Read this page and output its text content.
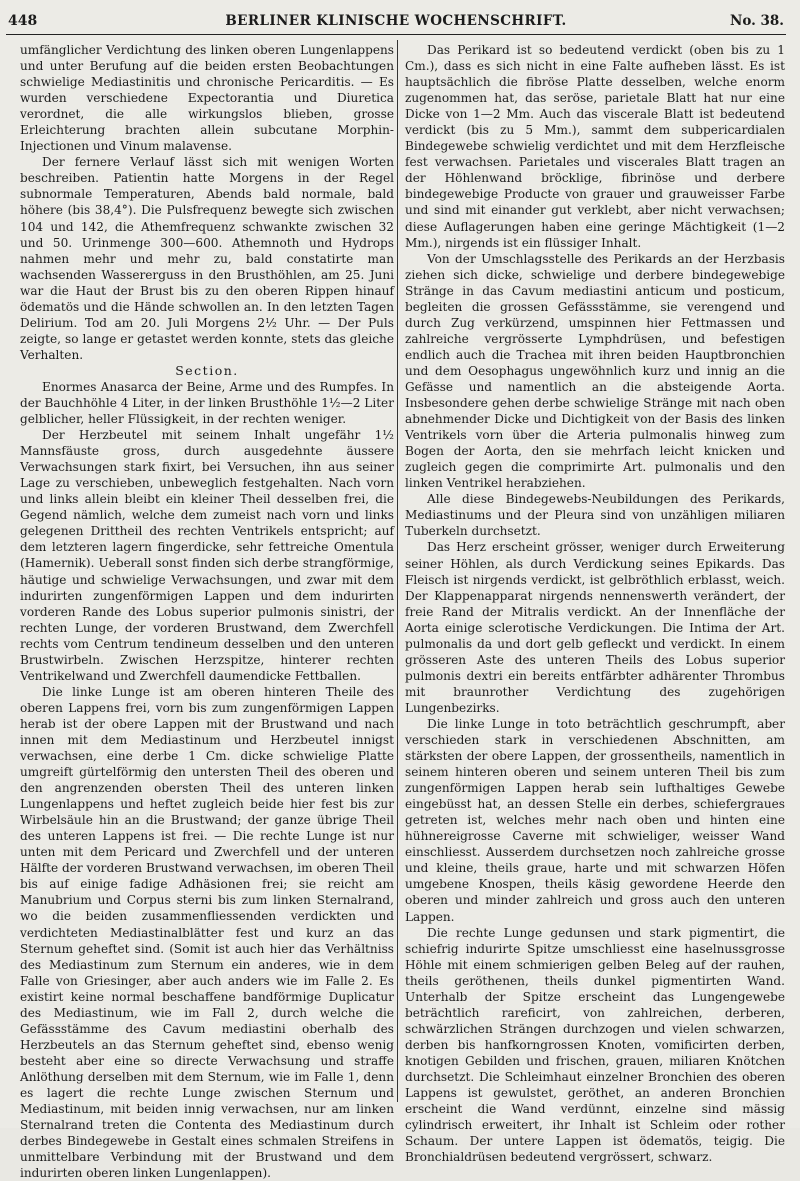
448	BERLINER KLINISCHE WOCHENSCHRIFT.	No. 38.

umfänglicher Verdichtung des linken oberen Lungenlappens und unter Berufung auf die beiden ersten Beobachtungen schwielige Mediastinitis und chronische Pericarditis. — Es wurden verschiedene Expectorantia und Diuretica verordnet, die alle wirkungslos blieben, grosse Erleichterung brachten allein subcutane Morphin-Injectionen und Vinum malavense.

Der fernere Verlauf lässt sich mit wenigen Worten beschreiben. Patientin hatte Morgens in der Regel subnormale Temperaturen, Abends bald normale, bald höhere (bis 38,4°). Die Pulsfrequenz bewegte sich zwischen 104 und 142, die Athemfrequenz schwankte zwischen 32 und 50. Urinmenge 300—600. Athemnoth und Hydrops nahmen mehr und mehr zu, bald constatirte man wachsenden Wassererguss in den Brusthöhlen, am 25. Juni war die Haut der Brust bis zu den oberen Rippen hinauf ödematös und die Hände schwollen an. In den letzten Tagen Delirium. Tod am 20. Juli Morgens 2½ Uhr. — Der Puls zeigte, so lange er getastet werden konnte, stets das gleiche Verhalten.

Section.

Enormes Anasarca der Beine, Arme und des Rumpfes. In der Bauchhöhle 4 Liter, in der linken Brusthöhle 1½—2 Liter gelblicher, heller Flüssigkeit, in der rechten weniger.

Der Herzbeutel mit seinem Inhalt ungefähr 1½ Mannsfäuste gross, durch ausgedehnte äussere Verwachsungen stark fixirt, bei Versuchen, ihn aus seiner Lage zu verschieben, unbeweglich festgehalten. Nach vorn und links allein bleibt ein kleiner Theil desselben frei, die Gegend nämlich, welche dem zumeist nach vorn und links gelegenen Drittheil des rechten Ventrikels entspricht; auf dem letzteren lagern fingerdicke, sehr fettreiche Omentula (Hamernik). Ueberall sonst finden sich derbe strangförmige, häutige und schwielige Verwachsungen, und zwar mit dem indurirten zungenförmigen Lappen und dem indurirten vorderen Rande des Lobus superior pulmonis sinistri, der rechten Lunge, der vorderen Brustwand, dem Zwerchfell rechts vom Centrum tendineum desselben und den unteren Brustwirbeln. Zwischen Herzspitze, hinterer rechten Ventrikelwand und Zwerchfell daumendicke Fettballen.

Die linke Lunge ist am oberen hinteren Theile des oberen Lappens frei, vorn bis zum zungenförmigen Lappen herab ist der obere Lappen mit der Brustwand und nach innen mit dem Mediastinum und Herzbeutel innigst verwachsen, eine derbe 1 Cm. dicke schwielige Platte umgreift gürtelförmig den untersten Theil des oberen und den angrenzenden obersten Theil des unteren linken Lungenlappens und heftet zugleich beide hier fest bis zur Wirbelsäule hin an die Brustwand; der ganze übrige Theil des unteren Lappens ist frei. — Die rechte Lunge ist nur unten mit dem Pericard und Zwerchfell und der unteren Hälfte der vorderen Brustwand verwachsen, im oberen Theil bis auf einige fadige Adhäsionen frei; sie reicht am Manubrium und Corpus sterni bis zum linken Sternalrand, wo die beiden zusammenfliessenden verdickten und verdichteten Mediastinalblätter fest und kurz an das Sternum geheftet sind. (Somit ist auch hier das Verhältniss des Mediastinum zum Sternum ein anderes, wie in dem Falle von Griesinger, aber auch anders wie im Falle 2. Es existirt keine normal beschaffene bandförmige Duplicatur des Mediastinum, wie im Fall 2, durch welche die Gefässstämme des Cavum mediastini oberhalb des Herzbeutels an das Sternum geheftet sind, ebenso wenig besteht aber eine so directe Verwachsung und straffe Anlöthung derselben mit dem Sternum, wie im Falle 1, denn es lagert die rechte Lunge zwischen Sternum und Mediastinum, mit beiden innig verwachsen, nur am linken Sternalrand treten die Contenta des Mediastinum durch derbes Bindegewebe in Gestalt eines schmalen Streifens in unmittelbare Verbindung mit der Brustwand und dem indurirten oberen linken Lungenlappen).

Das Perikard ist so bedeutend verdickt (oben bis zu 1 Cm.), dass es sich nicht in eine Falte aufheben lässt. Es ist hauptsächlich die fibröse Platte desselben, welche enorm zugenommen hat, das seröse, parietale Blatt hat nur eine Dicke von 1—2 Mm. Auch das viscerale Blatt ist bedeutend verdickt (bis zu 5 Mm.), sammt dem subpericardialen Bindegewebe schwielig verdichtet und mit dem Herzfleische fest verwachsen. Parietales und viscerales Blatt tragen an der Höhlenwand bröcklige, fibrinöse und derbere bindegewebige Producte von grauer und grauweisser Farbe und sind mit einander gut verklebt, aber nicht verwachsen; diese Auflagerungen haben eine geringe Mächtigkeit (1—2 Mm.), nirgends ist ein flüssiger Inhalt.

Von der Umschlagsstelle des Perikards an der Herzbasis ziehen sich dicke, schwielige und derbere bindegewebige Stränge in das Cavum mediastini anticum und posticum, begleiten die grossen Gefässstämme, sie verengend und durch Zug verkürzend, umspinnen hier Fettmassen und zahlreiche vergrösserte Lymphdrüsen, und befestigen endlich auch die Trachea mit ihren beiden Hauptbronchien und dem Oesophagus ungewöhnlich kurz und innig an die Gefässe und namentlich an die absteigende Aorta. Insbesondere gehen derbe schwielige Stränge mit nach oben abnehmender Dicke und Dichtigkeit von der Basis des linken Ventrikels vorn über die Arteria pulmonalis hinweg zum Bogen der Aorta, den sie mehrfach leicht knicken und zugleich gegen die comprimirte Art. pulmonalis und den linken Ventrikel herabziehen.

Alle diese Bindegewebs-Neubildungen des Perikards, Mediastinums und der Pleura sind von unzähligen miliaren Tuberkeln durchsetzt.

Das Herz erscheint grösser, weniger durch Erweiterung seiner Höhlen, als durch Verdickung seines Epikards. Das Fleisch ist nirgends verdickt, ist gelbröthlich erblasst, weich. Der Klappenapparat nirgends nennenswerth verändert, der freie Rand der Mitralis verdickt. An der Innenfläche der Aorta einige sclerotische Verdickungen. Die Intima der Art. pulmonalis da und dort gelb gefleckt und verdickt. In einem grösseren Aste des unteren Theils des Lobus superior pulmonis dextri ein bereits entfärbter adhärenter Thrombus mit braunrother Verdichtung des zugehörigen Lungenbezirks.

Die linke Lunge in toto beträchtlich geschrumpft, aber verschieden stark in verschiedenen Abschnitten, am stärksten der obere Lappen, der grossentheils, namentlich in seinem hinteren oberen und seinem unteren Theil bis zum zungenförmigen Lappen herab sein lufthaltiges Gewebe eingebüsst hat, an dessen Stelle ein derbes, schiefergraues getreten ist, welches mehr nach oben und hinten eine hühnereigrosse Caverne mit schwieliger, weisser Wand einschliesst. Ausserdem durchsetzen noch zahlreiche grosse und kleine, theils graue, harte und mit schwarzen Höfen umgebene Knospen, theils käsig gewordene Heerde den oberen und minder zahlreich und gross auch den unteren Lappen.

Die rechte Lunge gedunsen und stark pigmentirt, die schiefrig indurirte Spitze umschliesst eine haselnussgrosse Höhle mit einem schmierigen gelben Beleg auf der rauhen, theils geröthenen, theils dunkel pigmentirten Wand. Unterhalb der Spitze erscheint das Lungengewebe beträchtlich rareficirt, von zahlreichen, derberen, schwärzlichen Strängen durchzogen und vielen schwarzen, derben bis hanfkorngrossen Knoten, vomificirten derben, knotigen Gebilden und frischen, grauen, miliaren Knötchen durchsetzt. Die Schleimhaut einzelner Bronchien des oberen Lappens ist gewulstet, geröthet, an anderen Bronchien erscheint die Wand verdünnt, einzelne sind mässig cylindrisch erweitert, ihr Inhalt ist Schleim oder rother Schaum. Der untere Lappen ist ödematös, teigig. Die Bronchialdrüsen bedeutend vergrössert, schwarz.
